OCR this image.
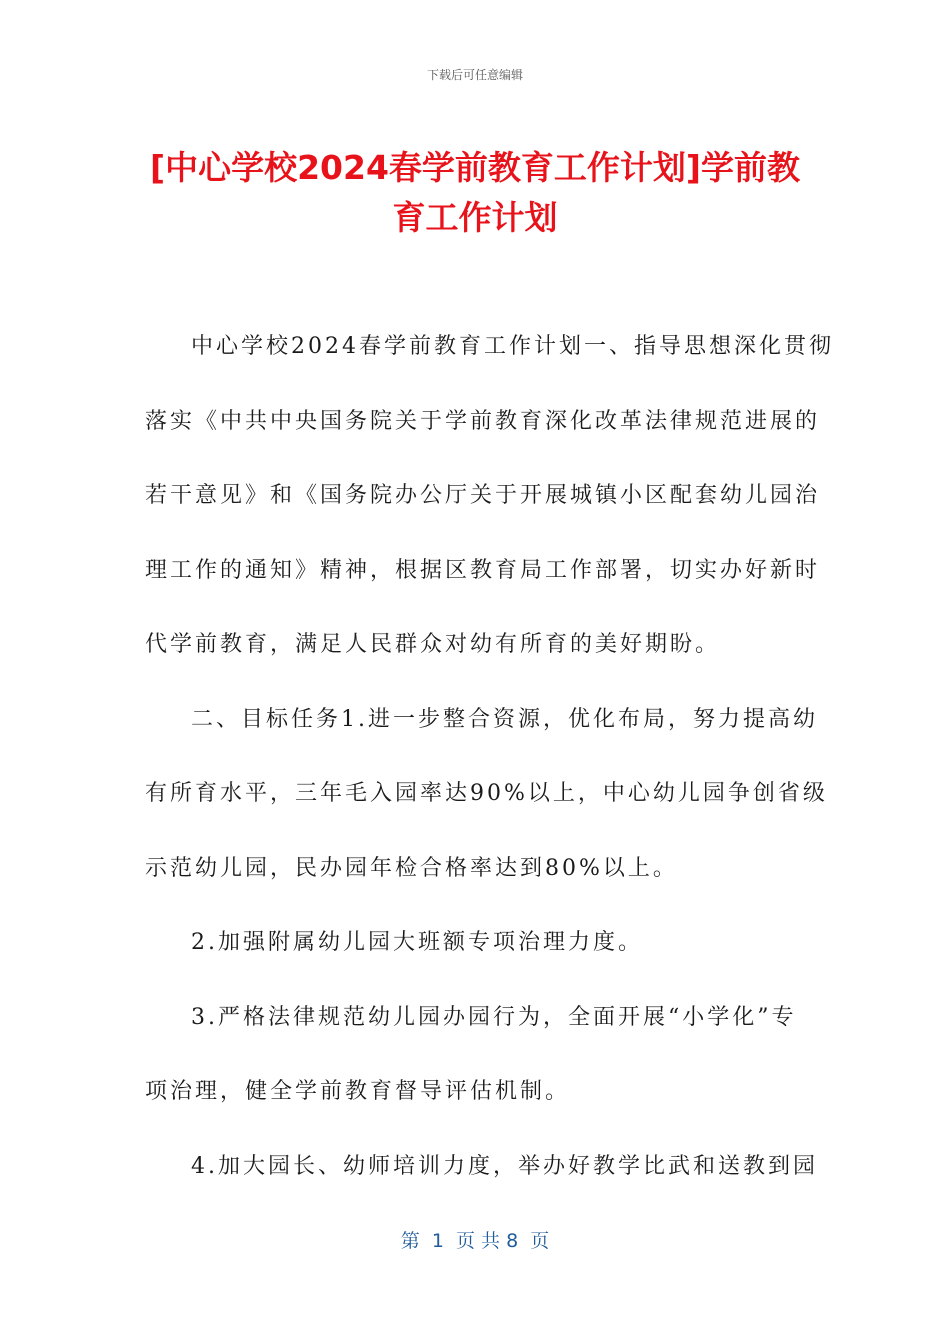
下载后可任意编辑
[中心学校2024春学前教育工作计划]学前教
育工作计划
中心学校2024春学前教育工作计划一、指导思想深化贯彻
落实《中共中央国务院关于学前教育深化改革法律规范进展的
若干意见》和《国务院办公厅关于开展城镇小区配套幼儿园治
理工作的通知》精神，根据区教育局工作部署，切实办好新时
代学前教育，满足人民群众对幼有所育的美好期盼。
二、目标任务1.进一步整合资源，优化布局，努力提高幼
有所育水平，三年毛入园率达90%以上，中心幼儿园争创省级
示范幼儿园，民办园年检合格率达到80%以上。
2.加强附属幼儿园大班额专项治理力度。
3.严格法律规范幼儿园办园行为，全面开展“小学化”专
项治理，健全学前教育督导评估机制。
4.加大园长、幼师培训力度，举办好教学比武和送教到园
第  1  页 共 8  页
